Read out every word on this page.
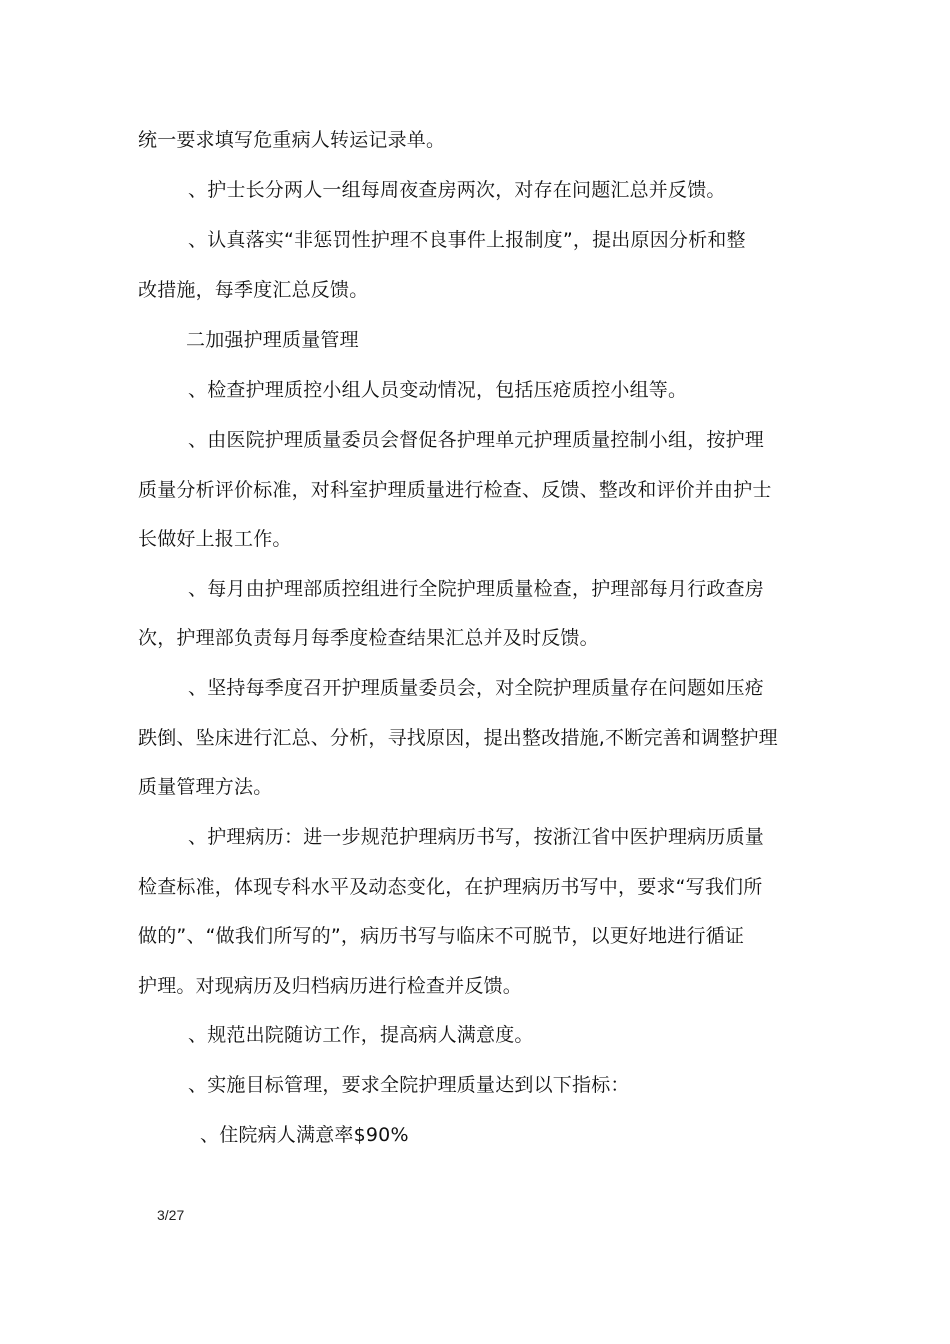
统一要求填写危重病人转运记录单。
、护士长分两人一组每周夜查房两次，对存在问题汇总并反馈。
、认真落实“非惩罚性护理不良事件上报制度”，提出原因分析和整
改措施，每季度汇总反馈。
二加强护理质量管理
、检查护理质控小组人员变动情况，包括压疮质控小组等。
、由医院护理质量委员会督促各护理单元护理质量控制小组，按护理
质量分析评价标准，对科室护理质量进行检查、反馈、整改和评价并由护士
长做好上报工作。
、每月由护理部质控组进行全院护理质量检查，护理部每月行政查房
次，护理部负责每月每季度检查结果汇总并及时反馈。
、坚持每季度召开护理质量委员会，对全院护理质量存在问题如压疮
跌倒、坠床进行汇总、分析，寻找原因，提出整改措施,不断完善和调整护理
质量管理方法。
、护理病历：进一步规范护理病历书写，按浙江省中医护理病历质量
检查标准，体现专科水平及动态变化，在护理病历书写中，要求“写我们所
做的”、“做我们所写的”，病历书写与临床不可脱节，以更好地进行循证
护理。对现病历及归档病历进行检查并反馈。
、规范出院随访工作，提高病人满意度。
、实施目标管理，要求全院护理质量达到以下指标：
、住院病人满意率$90%
3/27
